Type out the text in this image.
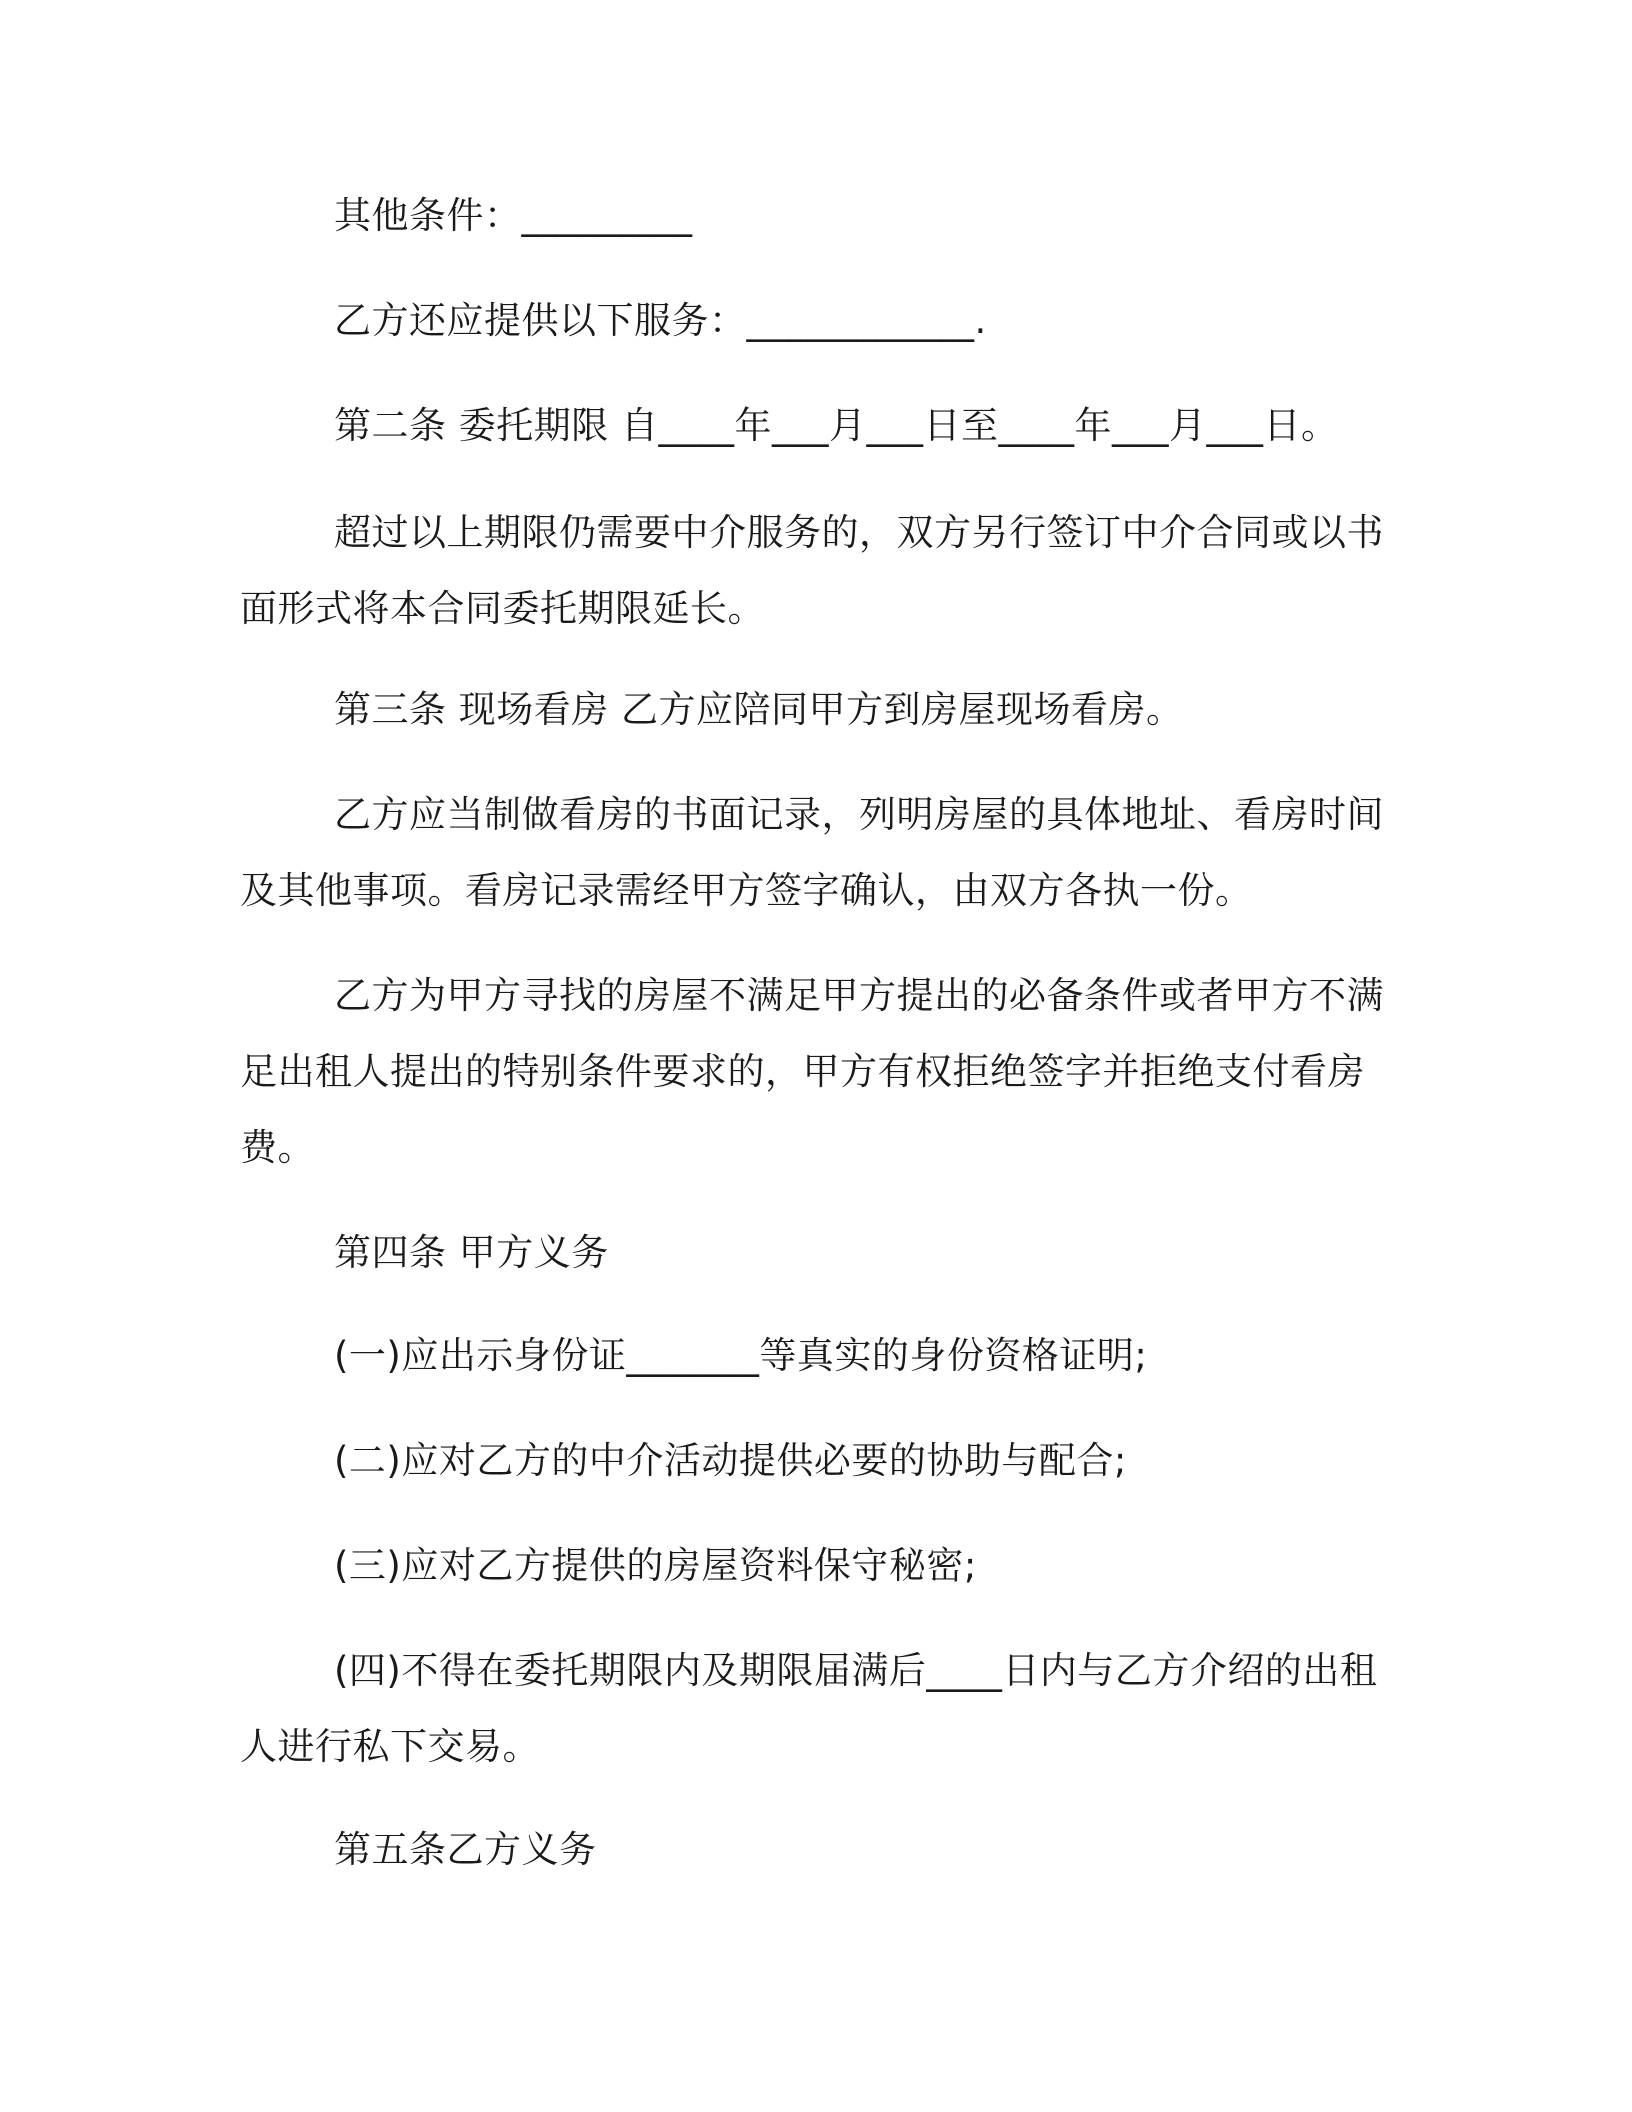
其他条件：_________

乙方还应提供以下服务：____________.

第二条 委托期限 自____年___月___日至____年___月___日。

超过以上期限仍需要中介服务的，双方另行签订中介合同或以书面形式将本合同委托期限延长。

第三条 现场看房 乙方应陪同甲方到房屋现场看房。

乙方应当制做看房的书面记录，列明房屋的具体地址、看房时间及其他事项。看房记录需经甲方签字确认，由双方各执一份。

乙方为甲方寻找的房屋不满足甲方提出的必备条件或者甲方不满足出租人提出的特别条件要求的，甲方有权拒绝签字并拒绝支付看房费。

第四条 甲方义务

(一)应出示身份证_______等真实的身份资格证明;

(二)应对乙方的中介活动提供必要的协助与配合;

(三)应对乙方提供的房屋资料保守秘密;

(四)不得在委托期限内及期限届满后____日内与乙方介绍的出租人进行私下交易。

第五条乙方义务
